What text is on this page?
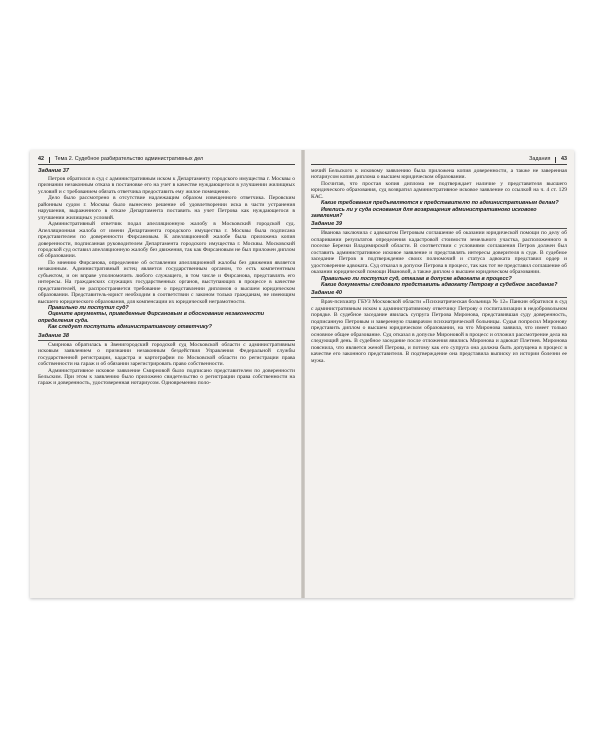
42 Тема 2. Судебное разбирательство административных дел
Задание 37

Петров обратился в суд с административным иском к Департаменту городского имущества г. Москвы о признании незаконным отказа в постановке его на учет в качестве нуждающегося в улучшении жилищных условий и с требованием обязать ответчика предоставить ему жилое помещение.

Дело было рассмотрено в отсутствие надлежащим образом извещенного ответчика. Перовским районным судом г. Москвы было вынесено решение об удовлетворении иска в части устранения нарушения, выраженного в отказе Департамента поставить на учет Петрова как нуждающегося в улучшении жилищных условий.

Административный ответчик подал апелляционную жалобу в Московский городской суд. Апелляционная жалоба от имени Департамента городского имущества г. Москвы была подписана представителем по доверенности Фирсановым. К апелляционной жалобе была приложена копия доверенности, подписанная руководителем Департамента городского имущества г. Москвы. Московский городской суд оставил апелляционную жалобу без движения, так как Фирсановым не был приложен диплом об образовании.

По мнению Фирсанова, определение об оставлении апелляционной жалобы без движения является незаконным. Административный истец является государственным органом, то есть компетентным субъектом, и он вправе уполномочить любого служащего, в том числе и Фирсанова, представлять его интересы. На гражданских служащих государственных органов, выступающих в процессе в качестве представителей, не распространяется требование о представлении дипломов о высшем юридическом образовании. Представитель-юрист необходим в соответствии с законом только гражданам, не имеющим высшего юридического образования, для компенсации их юридической неграмотности.

Правильно ли поступил суд?
Оцените аргументы, приведенные Фирсановым в обоснование незаконности определения суда.
Как следует поступить административному ответчику?
Задание 38

Смирнова обратилась в Звенигородский городской суд Московской области с административным исковым заявлением о признании незаконным бездействия Управления Федеральной службы государственной регистрации, кадастра и картографии по Московской области по регистрации права собственности на гараж и об обязании зарегистрировать право собственности.

Административное исковое заявление Смирновой было подписано представителем по доверенности Бельским. При этом к заявлению было приложено свидетельство о регистрации права собственности на гараж и доверенность, удостоверенная нотариусом. Одновременно поло-

Задания 43

мочий Бельского к исковому заявлению была приложена копия доверенности, а также не заверенная нотариусом копия диплома о высшем юридическом образовании.

Посчитав, что простая копия диплома не подтверждает наличие у представителя высшего юридического образования, суд возвратил административное исковое заявление со ссылкой на ч. 4 ст. 129 КАС.

Какие требования предъявляются к представителю по административным делам?
Имелись ли у суда основания для возвращения административного искового заявления?
Задание 39

Иванова заключила с адвокатом Петровым соглашение об оказании юридической помощи по делу об оспаривании результатов определения кадастровой стоимости земельного участка, расположенного в поселке Березки Владимирской области. В соответствии с условиями соглашения Петров должен был составить административное исковое заявление и представлять интересы доверителя в суде. В судебное заседание Петров в подтверждение своих полномочий и статуса адвоката представил ордер и удостоверение адвоката. Суд отказал в допуске Петрова в процесс, так как тот не представил соглашение об оказании юридической помощи Ивановой, а также диплом о высшем юридическом образовании.

Правильно ли поступил суд, отказав в допуске адвоката в процесс?
Какие документы следовало представить адвокату Петрову в судебное заседание?
Задание 40

Врач-психиатр ГБУЗ Московской области «Психиатрическая больница № 12» Панкин обратился в суд с административным иском к административному ответчику Петрову о госпитализации в недобровольном порядке. В судебное заседание явилась супруга Петрова Миронова, представившая суду доверенность, подписанную Петровым и заверенную главврачом психиатрической больницы. Судья попросил Миронову представить диплом о высшем юридическом образовании, на что Миронова заявила, что имеет только основное общее образование. Суд отказал в допуске Мироновой в процесс и отложил рассмотрение дела на следующий день. В судебное заседание после отложения явились Миронова и адвокат Плетнев. Миронова пояснила, что является женой Петрова, и потому как его супруга она должна быть допущена в процесс в качестве его законного представителя. В подтверждение она представила выписку из истории болезни ее мужа.
